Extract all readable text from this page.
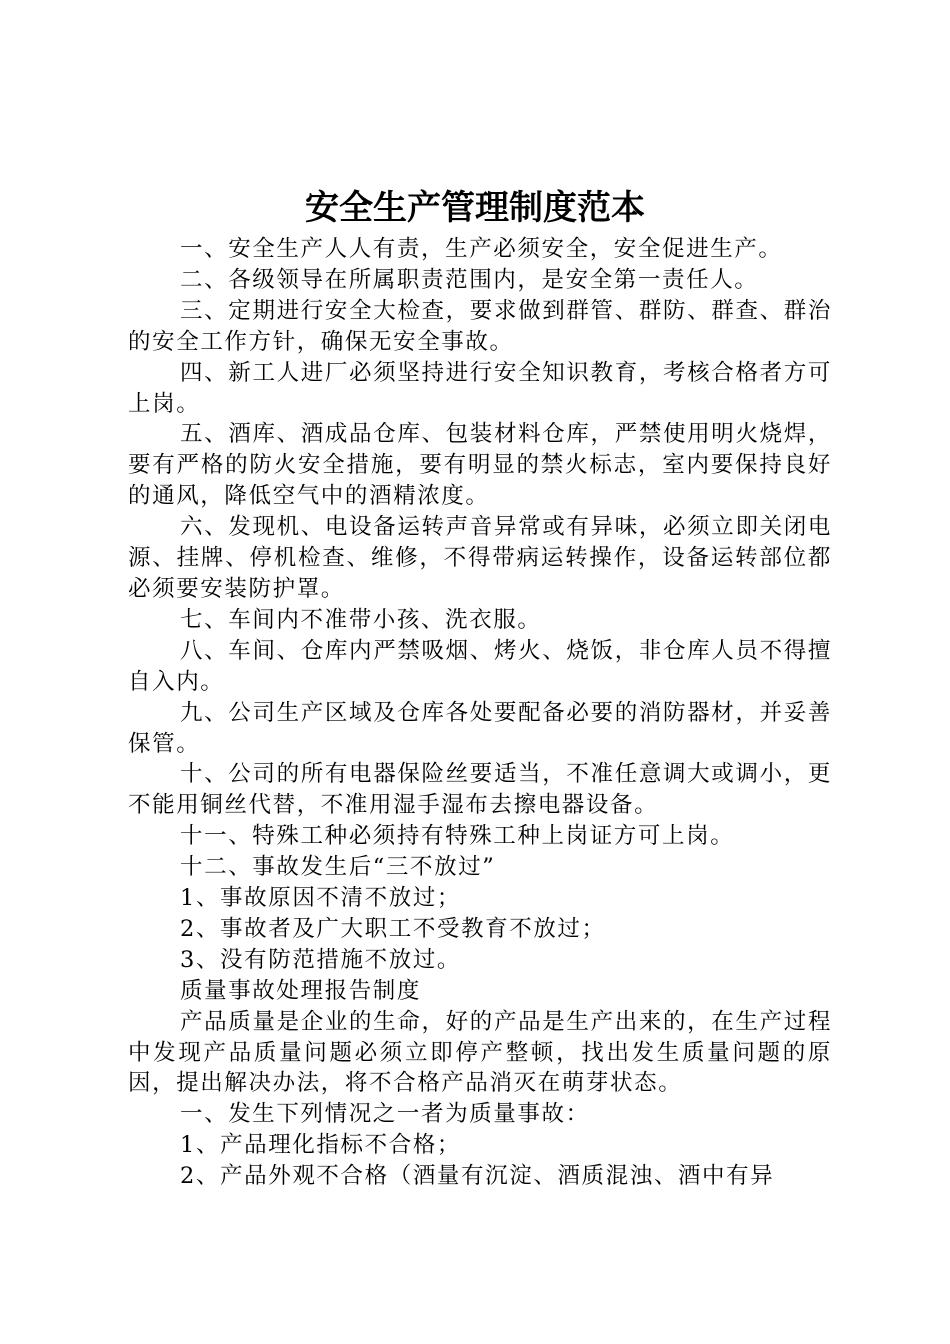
安全生产管理制度范本

一、安全生产人人有责，生产必须安全，安全促进生产。

二、各级领导在所属职责范围内，是安全第一责任人。

三、定期进行安全大检查，要求做到群管、群防、群查、群治的安全工作方针，确保无安全事故。

四、新工人进厂必须坚持进行安全知识教育，考核合格者方可上岗。

五、酒库、酒成品仓库、包装材料仓库，严禁使用明火烧焊，要有严格的防火安全措施，要有明显的禁火标志，室内要保持良好的通风，降低空气中的酒精浓度。

六、发现机、电设备运转声音异常或有异味，必须立即关闭电源、挂牌、停机检查、维修，不得带病运转操作，设备运转部位都必须要安装防护罩。

七、车间内不准带小孩、洗衣服。

八、车间、仓库内严禁吸烟、烤火、烧饭，非仓库人员不得擅自入内。

九、公司生产区域及仓库各处要配备必要的消防器材，并妥善保管。

十、公司的所有电器保险丝要适当，不准任意调大或调小，更不能用铜丝代替，不准用湿手湿布去擦电器设备。

十一、特殊工种必须持有特殊工种上岗证方可上岗。

十二、事故发生后“三不放过”

1、事故原因不清不放过；

2、事故者及广大职工不受教育不放过；

3、没有防范措施不放过。

质量事故处理报告制度

产品质量是企业的生命，好的产品是生产出来的，在生产过程中发现产品质量问题必须立即停产整顿，找出发生质量问题的原因，提出解决办法，将不合格产品消灭在萌芽状态。

一、发生下列情况之一者为质量事故：

1、产品理化指标不合格；

2、产品外观不合格（酒量有沉淀、酒质混浊、酒中有异
